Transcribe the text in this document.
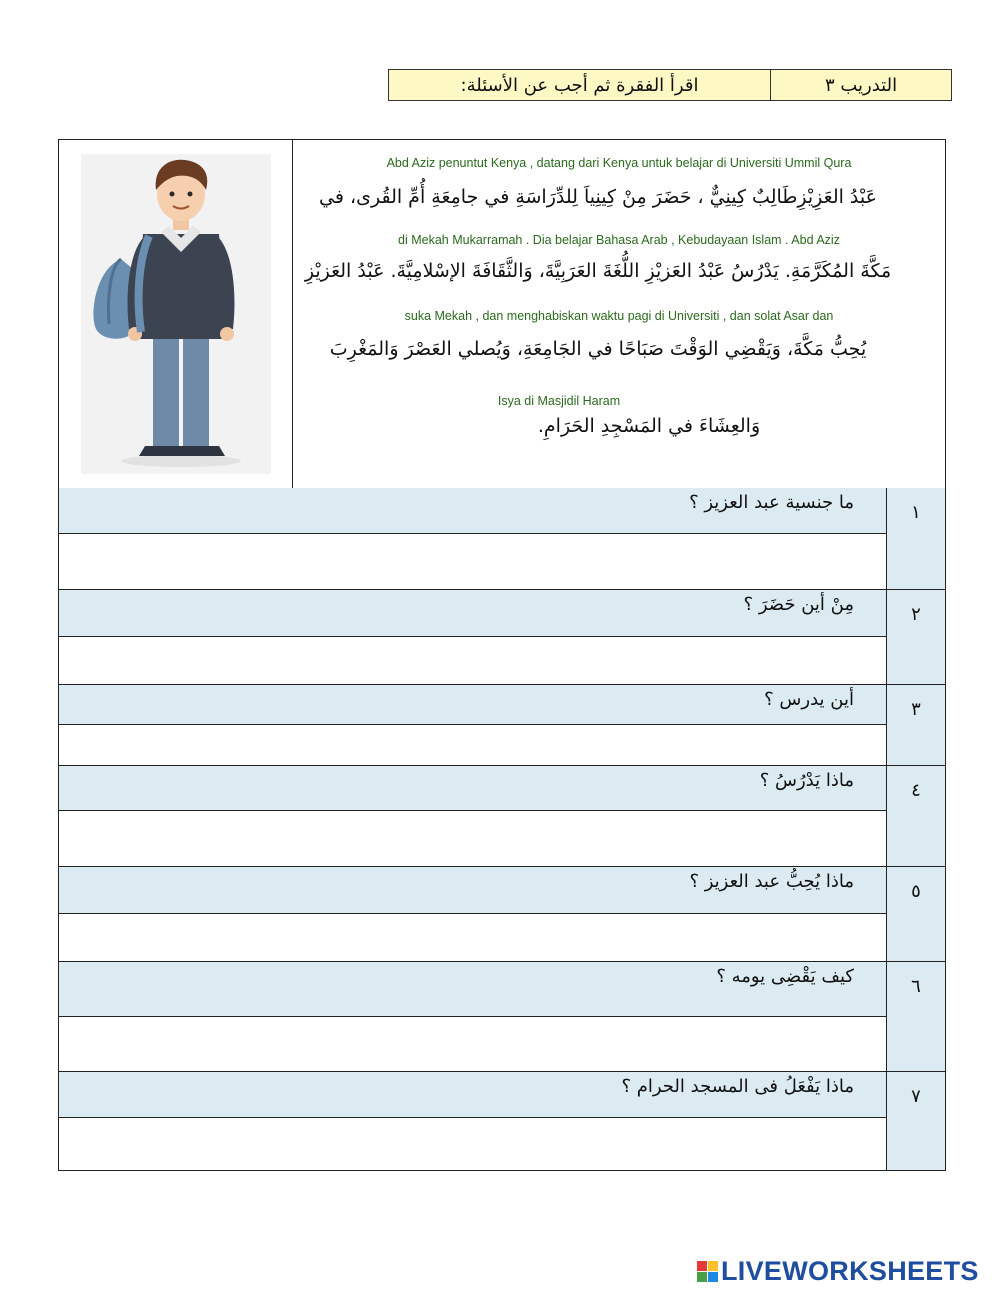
اقرأ الفقرة ثم أجب عن الأسئلة:	التدريب ٣
Abd Aziz penuntut Kenya , datang dari Kenya untuk belajar di Universiti Ummil Qura
عَبْدُ العَزِيْزِطَالِبٌ كِينِيٌّ ، حَضَرَ مِنْ كِينِياَ لِلدِّرَاسَةِ في جامِعَةِ أُمِّ القُرى، في
di Mekah Mukarramah . Dia belajar Bahasa Arab , Kebudayaan Islam . Abd Aziz
مَكَّةَ المُكَرَّمَةِ. يَدْرُسُ عَبْدُ العَزيْزِ اللُّغَةَ العَرَبِيَّةَ، وَالثَّقَافَةَ الإسْلامِيَّةَ. عَبْدُ العَزيْزِ
suka Mekah , dan menghabiskan waktu pagi di Universiti , dan solat Asar dan
يُحِبُّ مَكَّةَ، وَيَقْضِي الوَقْتَ صَبَاحًا في الجَامِعَةِ، وَيُصلي العَصْرَ وَالمَغْرِبَ
Isya di Masjidil Haram
وَالعِشَاءَ في المَسْجِدِ الحَرَامِ.
ما جنسية عبد العزيز ؟	١
مِنْ أين حَضَرَ ؟	٢
أين يدرس ؟	٣
ماذا يَدْرُسُ ؟	٤
ماذا يُحِبُّ عبد العزيز ؟	٥
كيف يَقْضِى يومه ؟	٦
ماذا يَفْعَلُ فى المسجد الحرام ؟	٧
LIVEWORKSHEETS
